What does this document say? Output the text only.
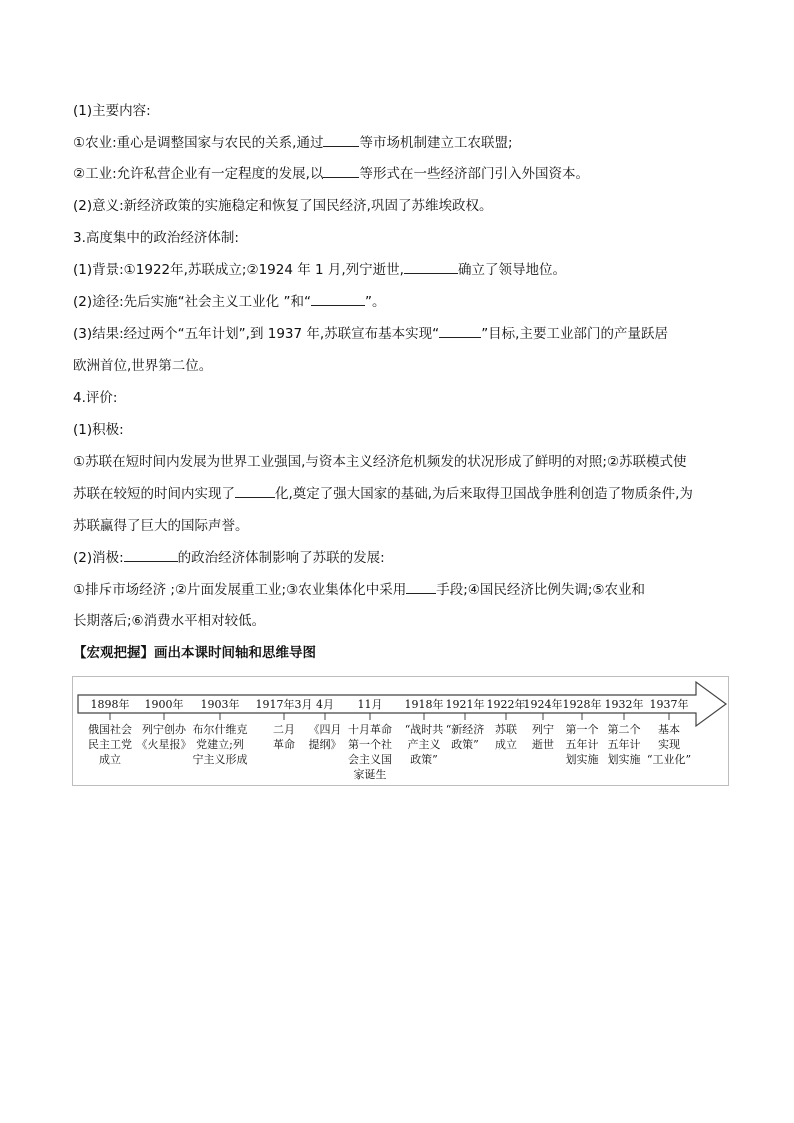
(1)主要内容:
①农业:重心是调整国家与农民的关系,通过	等市场机制建立工农联盟;
②工业:允许私营企业有一定程度的发展,以	等形式在一些经济部门引入外国资本。
(2)意义:新经济政策的实施稳定和恢复了国民经济,巩固了苏维埃政权。
3.高度集中的政治经济体制:
(1)背景:①1922年,苏联成立;②1924 年 1 月,列宁逝世,	确立了领导地位。
(2)途径:先后实施“社会主义工业化 ”和“	”。
(3)结果:经过两个“五年计划”,到 1937 年,苏联宣布基本实现“	”目标,主要工业部门的产量跃居
欧洲首位,世界第二位。
4.评价:
(1)积极:
①苏联在短时间内发展为世界工业强国,与资本主义经济危机频发的状况形成了鲜明的对照;②苏联模式使
苏联在较短的时间内实现了	化,奠定了强大国家的基础,为后来取得卫国战争胜利创造了物质条件,为
苏联赢得了巨大的国际声誉。
(2)消极:	的政治经济体制影响了苏联的发展:
①排斥市场经济 ;②片面发展重工业;③农业集体化中采用 手段;④国民经济比例失调;⑤农业和
长期落后;⑥消费水平相对较低。
【宏观把握】画出本课时间轴和思维导图
1898年 1900年 1903年 1917年3月 4月 11月 1918年 1921年 1922年
1924年 1928年 1932年 1937年
俄国社会
民主工党
成立
列宁创办
《火星报》
布尔什维克
党建立;列
宁主义形成
二月
革命
《四月
提纲》
十月革命
第一个社
会主义国
家诞生
“战时共
产主义
政策”
“新经济
政策”
苏联
成立
列宁
逝世
第一个
五年计
划实施
第二个
五年计
划实施
基本
实现
“工业化”
